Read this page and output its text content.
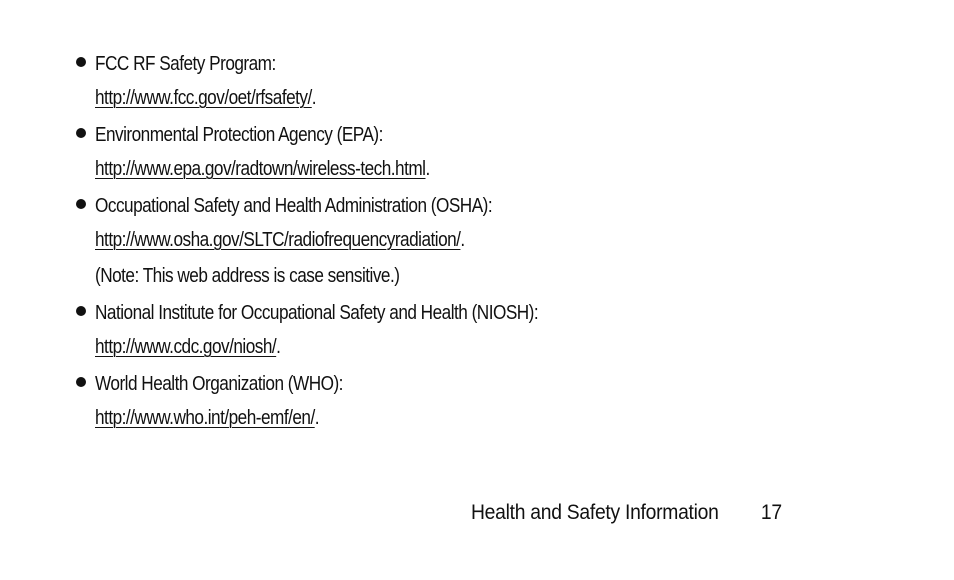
FCC RF Safety Program:
http://www.fcc.gov/oet/rfsafety/.
Environmental Protection Agency (EPA):
http://www.epa.gov/radtown/wireless-tech.html.
Occupational Safety and Health Administration (OSHA):
http://www.osha.gov/SLTC/radiofrequencyradiation/.
(Note: This web address is case sensitive.)
National Institute for Occupational Safety and Health (NIOSH):
http://www.cdc.gov/niosh/.
World Health Organization (WHO):
http://www.who.int/peh-emf/en/.
Health and Safety Information 17
